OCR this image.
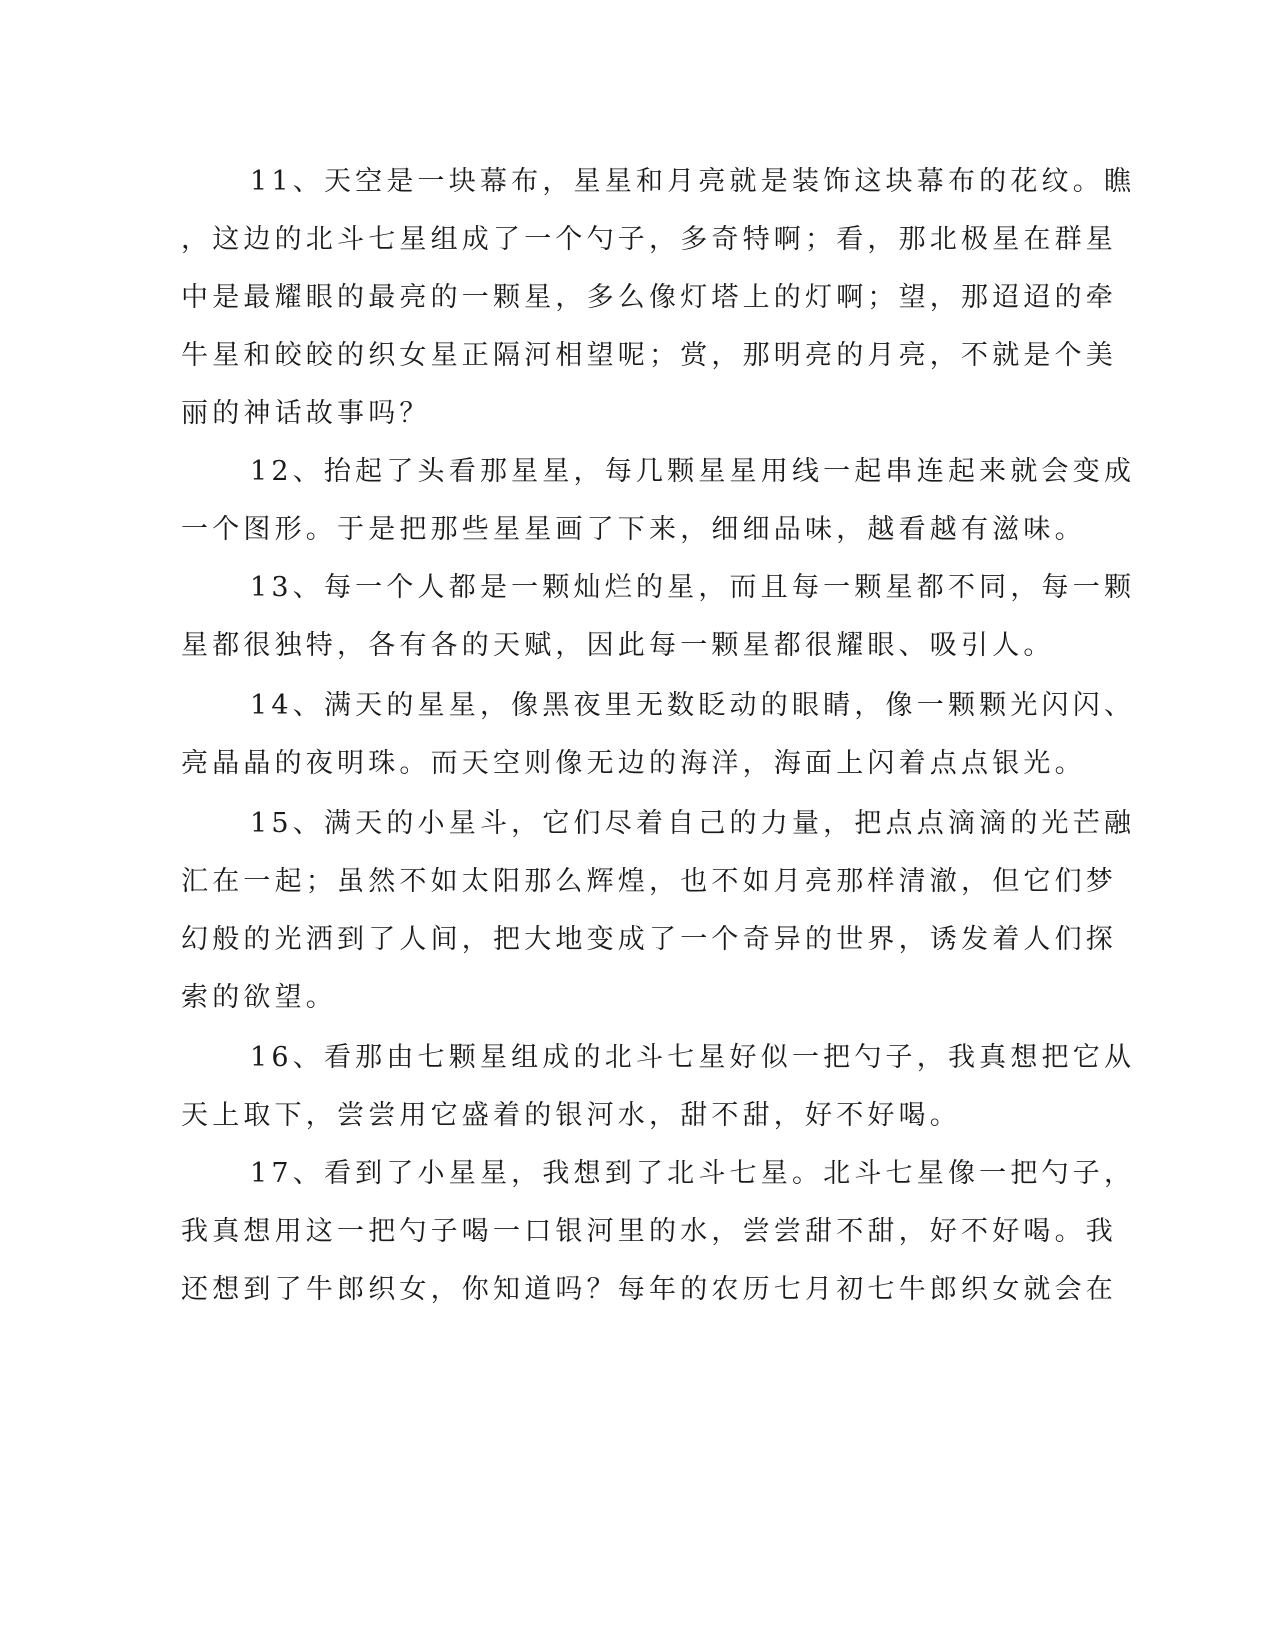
11、天空是一块幕布，星星和月亮就是装饰这块幕布的花纹。瞧
，这边的北斗七星组成了一个勺子，多奇特啊；看，那北极星在群星
中是最耀眼的最亮的一颗星，多么像灯塔上的灯啊；望，那迢迢的牵
牛星和皎皎的织女星正隔河相望呢；赏，那明亮的月亮，不就是个美
丽的神话故事吗？
12、抬起了头看那星星，每几颗星星用线一起串连起来就会变成
一个图形。于是把那些星星画了下来，细细品味，越看越有滋味。
13、每一个人都是一颗灿烂的星，而且每一颗星都不同，每一颗
星都很独特，各有各的天赋，因此每一颗星都很耀眼、吸引人。
14、满天的星星，像黑夜里无数眨动的眼睛，像一颗颗光闪闪、
亮晶晶的夜明珠。而天空则像无边的海洋，海面上闪着点点银光。
15、满天的小星斗，它们尽着自己的力量，把点点滴滴的光芒融
汇在一起；虽然不如太阳那么辉煌，也不如月亮那样清澈，但它们梦
幻般的光洒到了人间，把大地变成了一个奇异的世界，诱发着人们探
索的欲望。
16、看那由七颗星组成的北斗七星好似一把勺子，我真想把它从
天上取下，尝尝用它盛着的银河水，甜不甜，好不好喝。
17、看到了小星星，我想到了北斗七星。北斗七星像一把勺子，
我真想用这一把勺子喝一口银河里的水，尝尝甜不甜，好不好喝。我
还想到了牛郎织女，你知道吗？每年的农历七月初七牛郎织女就会在
